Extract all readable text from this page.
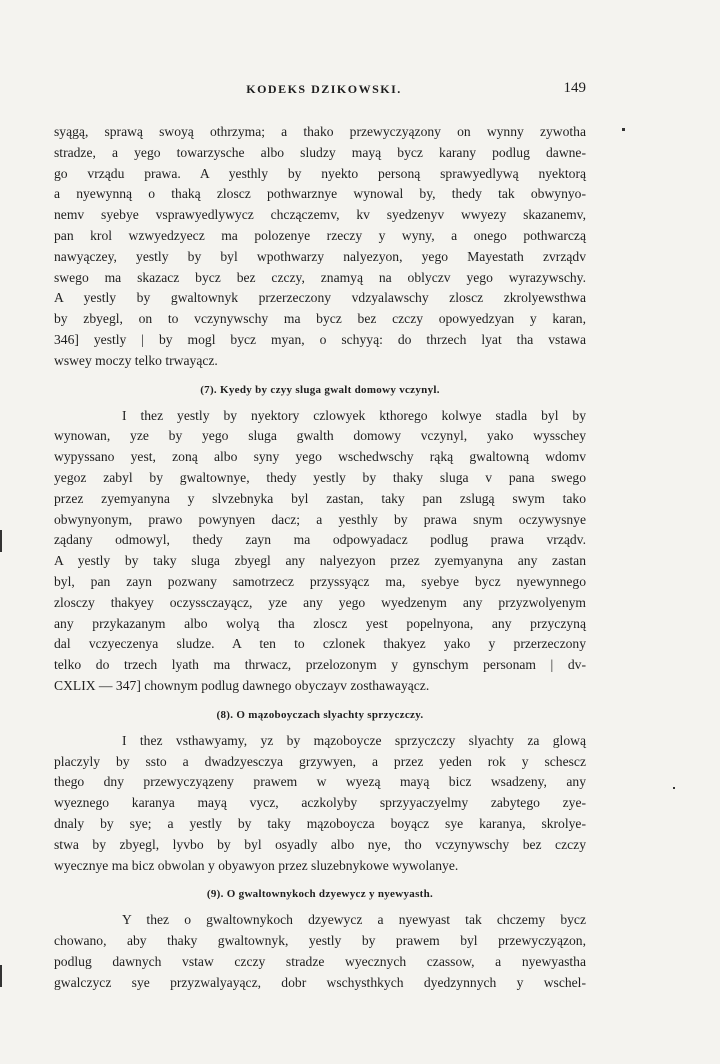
KODEKS DZIKOWSKI.	149
syągą, sprawą swoyą othrzyma; a thako przewyczyązony on wynny zywotha
stradze, a yego towarzysche albo sludzy mayą bycz karany podlug dawne-
go vrządu prawa. A yesthly by nyekto personą sprawyedlywą nyektorą
a nyewynną o thaką zloscz pothwarznye wynowal by, thedy tak obwynyo-
nemv syebye vsprawyedlywycz chczączemv, kv syedzenyv wwyezy skazanemv,
pan krol wzwyedzyecz ma polozenye rzeczy y wyny, a onego pothwarczą
nawyączey, yestly by byl wpothwarzy nalyezyon, yego Mayestath zvrządv
swego ma skazacz bycz bez czczy, znamyą na oblyczv yego wyrazywschy.
A yestly by gwaltownyk przerzeczony vdzyalawschy zloscz zkrolyewsthwa
by zbyegl, on to vczynywschy ma bycz bez czczy opowyedzyan y karan,
346] yestly | by mogl bycz myan, o schyyą: do thrzech lyat tha vstawa
wswey moczy telko trwayącz.
(7). Kyedy by czyy sluga gwalt domowy vczynyl.
I thez yestly by nyektory czlowyek kthorego kolwye stadla byl by
wynowan, yze by yego sluga gwalth domowy vczynyl, yako wysschey
wypyssano yest, zoną albo syny yego wschedwschy rąką gwaltowną wdomv
yegoz zabyl by gwaltownye, thedy yestly by thaky sluga v pana swego
przez zyemyanyna y slvzebnyka byl zastan, taky pan zslugą swym tako
obwynyonym, prawo powynyen dacz; a yesthly by prawa snym oczywysnye
ządany odmowyl, thedy zayn ma odpowyadacz podlug prawa vrządv.
A yestly by taky sluga zbyegl any nalyezyon przez zyemyanyna any zastan
byl, pan zayn pozwany samotrzecz przyssyącz ma, syebye bycz nyewynnego
zlosczy thakyey oczyssczayącz, yze any yego wyedzenym any przyzwolyenym
any przykazanym albo wolyą tha zloscz yest popelnyona, any przyczyną
dal vczyeczenya sludze. A ten to czlonek thakyez yako y przerzeczony
telko do trzech lyath ma thrwacz, przelozonym y gynschym personam | dv-
CXLIX — 347] chownym podlug dawnego obyczayv zosthawayącz.
(8). O mązoboyczach slyachty sprzyczczy.
I thez vsthawyamy, yz by mązoboycze sprzyczczy slyachty za glową
placzyly by ssto a dwadzyesczya grzywyen, a przez yeden rok y schescz
thego dny przewyczyązeny prawem w wyezą mayą bicz wsadzeny, any
wyeznego karanya mayą vycz, aczkolyby sprzyyaczyelmy zabytego zye-
dnaly by sye; a yestly by taky mązoboycza boyącz sye karanya, skrolye-
stwa by zbyegl, lyvbo by byl osyadly albo nye, tho vczynywschy bez czczy
wyecznye ma bicz obwolan y obyawyon przez sluzebnykowe wywolanye.
(9). O gwaltownykoch dzyewycz y nyewyasth.
Y thez o gwaltownykoch dzyewycz a nyewyast tak chczemy bycz
chowano, aby thaky gwaltownyk, yestly by prawem byl przewyczyązon,
podlug dawnych vstaw czczy stradze wyecznych czassow, a nyewyastha
gwalczycz sye przyzwalyayącz, dobr wschysthkych dyedzynnych y wschel-
